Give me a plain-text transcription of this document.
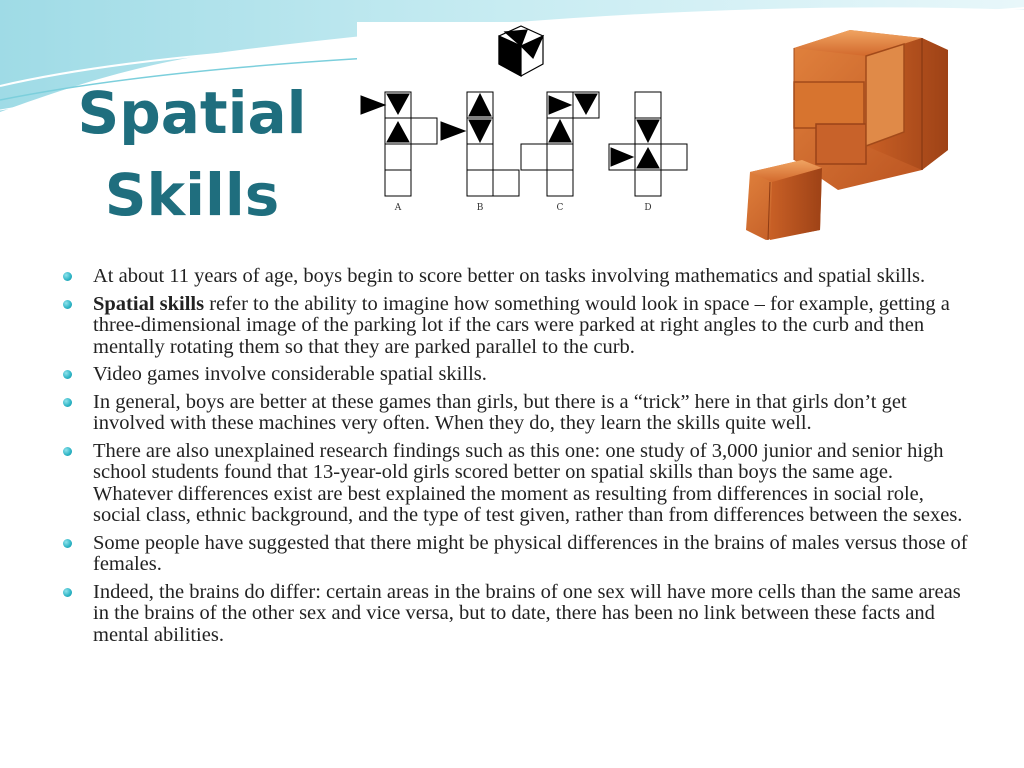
Spatial
Skills	A	B	C	D
At about 11 years of age, boys begin to score better on tasks involving mathematics and spatial skills.
Spatial skills refer to the ability to imagine how something would look in space – for example, getting a three-dimensional image of the parking lot if the cars were parked at right angles to the curb and then mentally rotating them so that they are parked parallel to the curb.
Video games involve considerable spatial skills.
In general, boys are better at these games than girls, but there is a “trick” here in that girls don’t get involved with these machines very often. When they do, they learn the skills quite well.
There are also unexplained research findings such as this one: one study of 3,000 junior and senior high school students found that 13-year-old girls scored better on spatial skills than boys the same age. Whatever differences exist are best explained the moment as resulting from differences in social role, social class, ethnic background, and the type of test given, rather than from differences between the sexes.
Some people have suggested that there might be physical differences in the brains of males versus those of females.
Indeed, the brains do differ: certain areas in the brains of one sex will have more cells than the same areas in the brains of the other sex and vice versa, but to date, there has been no link between these facts and mental abilities.
